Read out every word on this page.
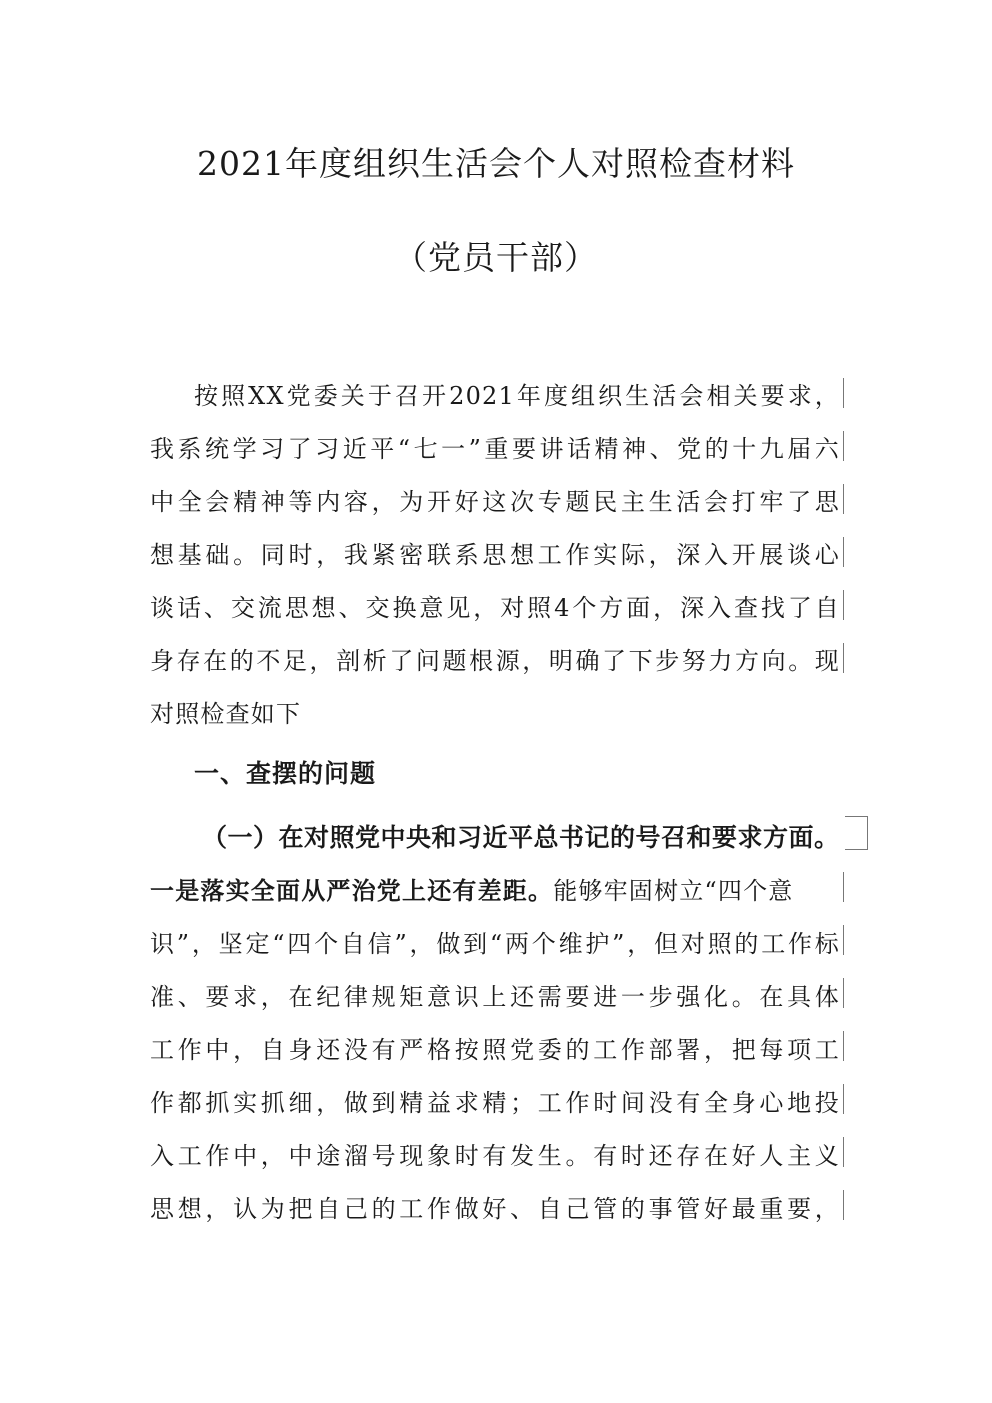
2021年度组织生活会个人对照检查材料
（党员干部）
按照XX党委关于召开2021年度组织生活会相关要求，
我系统学习了习近平“七一”重要讲话精神、党的十九届六
中全会精神等内容，为开好这次专题民主生活会打牢了思
想基础。同时，我紧密联系思想工作实际，深入开展谈心
谈话、交流思想、交换意见，对照4个方面，深入查找了自
身存在的不足，剖析了问题根源，明确了下步努力方向。现
对照检查如下
一、查摆的问题
（一）在对照党中央和习近平总书记的号召和要求方面。
一是落实全面从严治党上还有差距。能够牢固树立“四个意
识”，坚定“四个自信”，做到“两个维护”，但对照的工作标
准、要求，在纪律规矩意识上还需要进一步强化。在具体
工作中，自身还没有严格按照党委的工作部署，把每项工
作都抓实抓细，做到精益求精；工作时间没有全身心地投
入工作中，中途溜号现象时有发生。有时还存在好人主义
思想，认为把自己的工作做好、自己管的事管好最重要，
